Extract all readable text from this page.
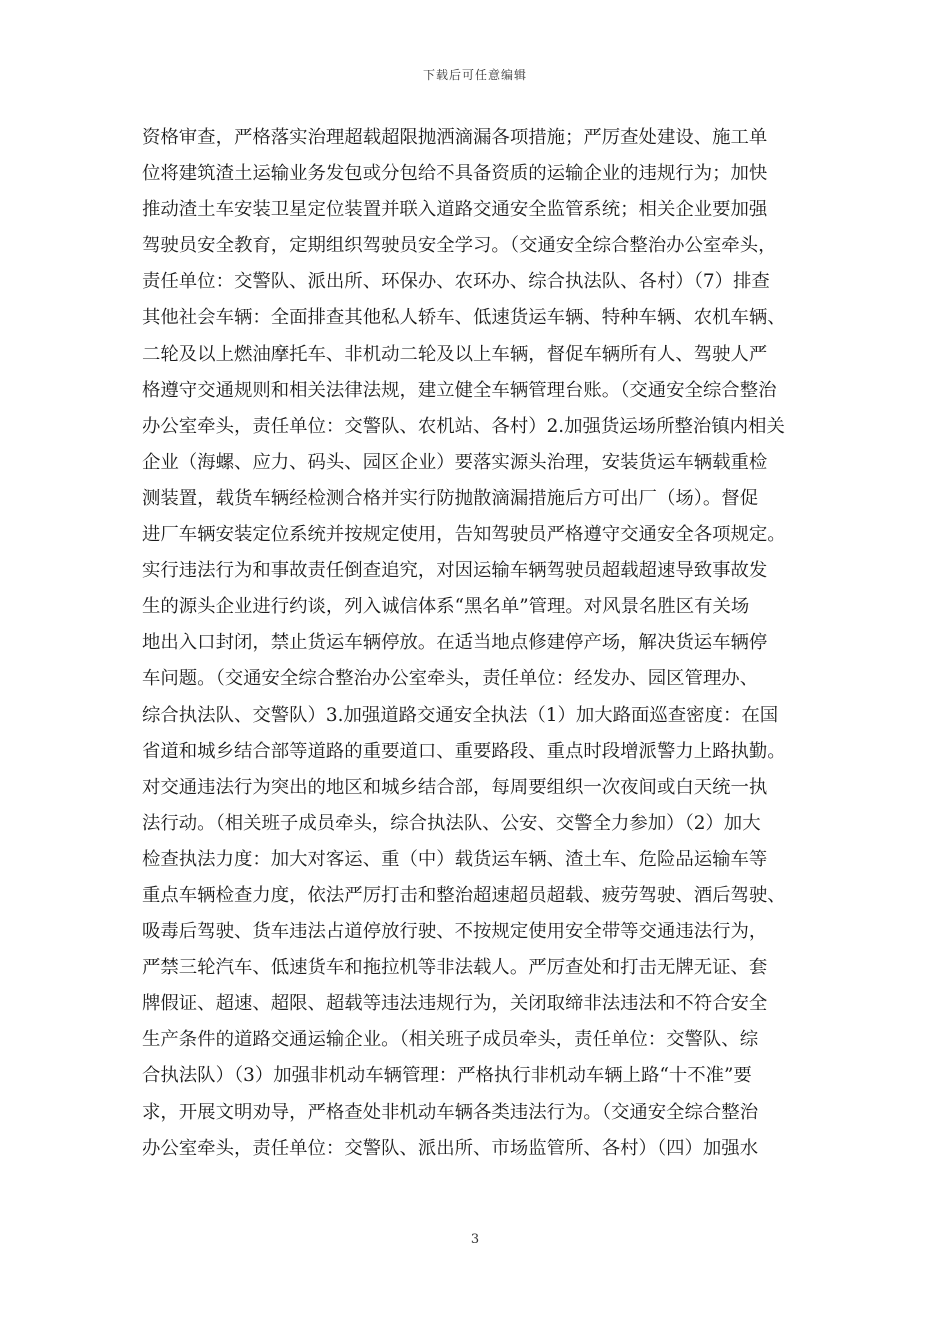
下载后可任意编辑
资格审查，严格落实治理超载超限抛洒滴漏各项措施；严厉查处建设、施工单
位将建筑渣土运输业务发包或分包给不具备资质的运输企业的违规行为；加快
推动渣土车安装卫星定位装置并联入道路交通安全监管系统；相关企业要加强
驾驶员安全教育，定期组织驾驶员安全学习。（交通安全综合整治办公室牵头，
责任单位：交警队、派出所、环保办、农环办、综合执法队、各村）（7）排查
其他社会车辆：全面排查其他私人轿车、低速货运车辆、特种车辆、农机车辆、
二轮及以上燃油摩托车、非机动二轮及以上车辆，督促车辆所有人、驾驶人严
格遵守交通规则和相关法律法规，建立健全车辆管理台账。（交通安全综合整治
办公室牵头，责任单位：交警队、农机站、各村）2.加强货运场所整治镇内相关
企业（海螺、应力、码头、园区企业）要落实源头治理，安装货运车辆载重检
测装置，载货车辆经检测合格并实行防抛散滴漏措施后方可出厂（场）。督促
进厂车辆安装定位系统并按规定使用，告知驾驶员严格遵守交通安全各项规定。
实行违法行为和事故责任倒查追究，对因运输车辆驾驶员超载超速导致事故发
生的源头企业进行约谈，列入诚信体系“黑名单”管理。对风景名胜区有关场
地出入口封闭，禁止货运车辆停放。在适当地点修建停产场，解决货运车辆停
车问题。（交通安全综合整治办公室牵头，责任单位：经发办、园区管理办、
综合执法队、交警队）3.加强道路交通安全执法（1）加大路面巡查密度：在国
省道和城乡结合部等道路的重要道口、重要路段、重点时段增派警力上路执勤。
对交通违法行为突出的地区和城乡结合部，每周要组织一次夜间或白天统一执
法行动。（相关班子成员牵头，综合执法队、公安、交警全力参加）（2）加大
检查执法力度：加大对客运、重（中）载货运车辆、渣土车、危险品运输车等
重点车辆检查力度，依法严厉打击和整治超速超员超载、疲劳驾驶、酒后驾驶、
吸毒后驾驶、货车违法占道停放行驶、不按规定使用安全带等交通违法行为，
严禁三轮汽车、低速货车和拖拉机等非法载人。严厉查处和打击无牌无证、套
牌假证、超速、超限、超载等违法违规行为，关闭取缔非法违法和不符合安全
生产条件的道路交通运输企业。（相关班子成员牵头，责任单位：交警队、综
合执法队）（3）加强非机动车辆管理：严格执行非机动车辆上路“十不准”要
求，开展文明劝导，严格查处非机动车辆各类违法行为。（交通安全综合整治
办公室牵头，责任单位：交警队、派出所、市场监管所、各村）（四）加强水
3
